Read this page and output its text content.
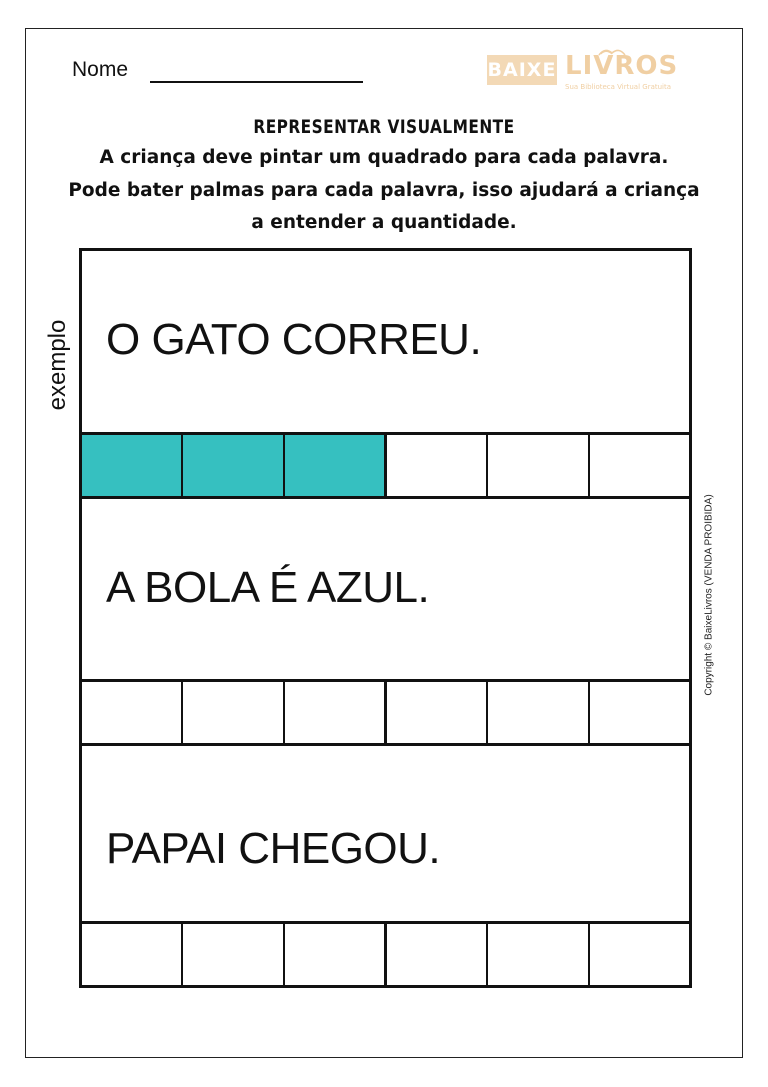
Nome	BAIXE LIVROS
Sua Biblioteca Virtual Gratuita
REPRESENTAR VISUALMENTE
A criança deve pintar um quadrado para cada palavra.
Pode bater palmas para cada palavra, isso ajudará a criança
a entender a quantidade.
exemplo O GATO CORREU.
A BOLA É AZUL.
PAPAI CHEGOU.
Copyright © BaixeLivros (VENDA PROIBIDA)
